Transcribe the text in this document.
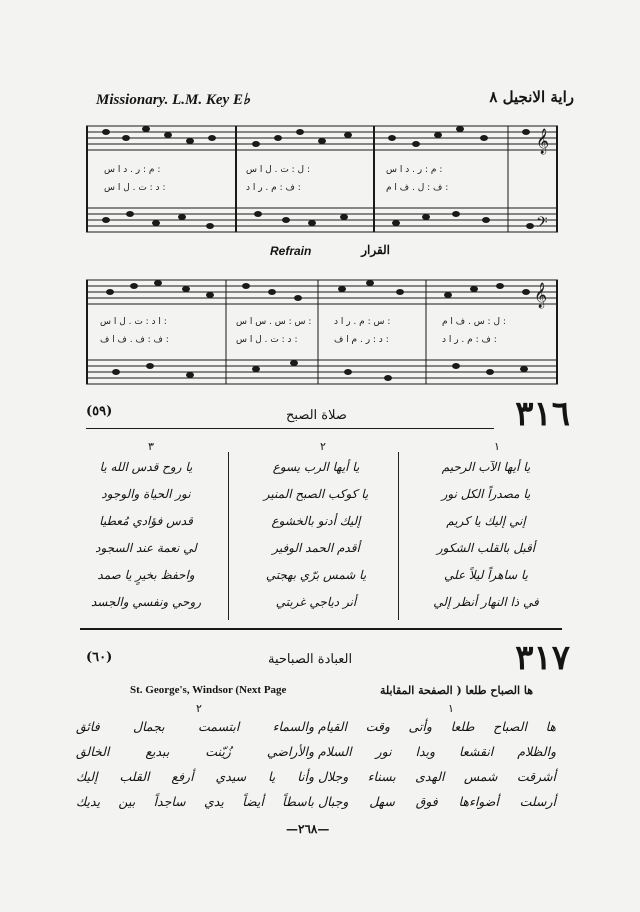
Missionary. L.M. Key E♭	راية الانجيل ٨
م : ر . د ا س :	ل : ت . ل ا س :	م : ر . د ا س :
د : ت . ل ا س :	ف : م . ر ا د :	ف : ل . ف ا م :
𝄞
𝄢
Refrain	القرار
ا د : ت . ل ا س :	س : س . س ا س :	س : م . ر ا د :	ل : س . ف ا م :
ف : ف . ف ا ف :	د : ت . ل ا س :	د : ر . م ا ف :	ف : م . ر ا د :
𝄞
٣١٦
(٥٩)	صلاة الصبح
١
٢
٣
يا أيها الآب الرحيم
يا مصدراً الكل نور
إني إليك يا كريم
أقبل بالقلب الشكور
يا ساهراً ليلاً علي
في ذا النهار أنظر إلي
يا أيها الرب يسوع
يا كوكب الصبح المنير
إليك أدنو بالخشوع
أقدم الحمد الوفير
يا شمس برّي بهجتي
أنر دياجي غربتي
يا روح قدس الله يا
نور الحياة والوجود
قدس فؤادي مُعطيا
لي نعمة عند السجود
واحفظ بخيرٍ يا صمد
روحي ونفسي والجسد
٣١٧
(٦٠)	العبادة الصباحية
St. George's, Windsor (Next Page	ها الصباح طلعا ( الصفحة المقابلة
١
٢
ها الصباح طلعا وأتى وقت القيام
والظلام انقشعا وبدا نور السلام
أشرقت شمس الهدى بسناء وجلال
أرسلت أضواءها فوق سهل وجبال
والسماء ابتسمت بجمال فائق
والأراضي زُيّنت ببديع الخالق
وأنا يا سيدي أرفع القلب إليك
باسطاً أيضاً يدي ساجداً بين يديك
—٢٦٨—
